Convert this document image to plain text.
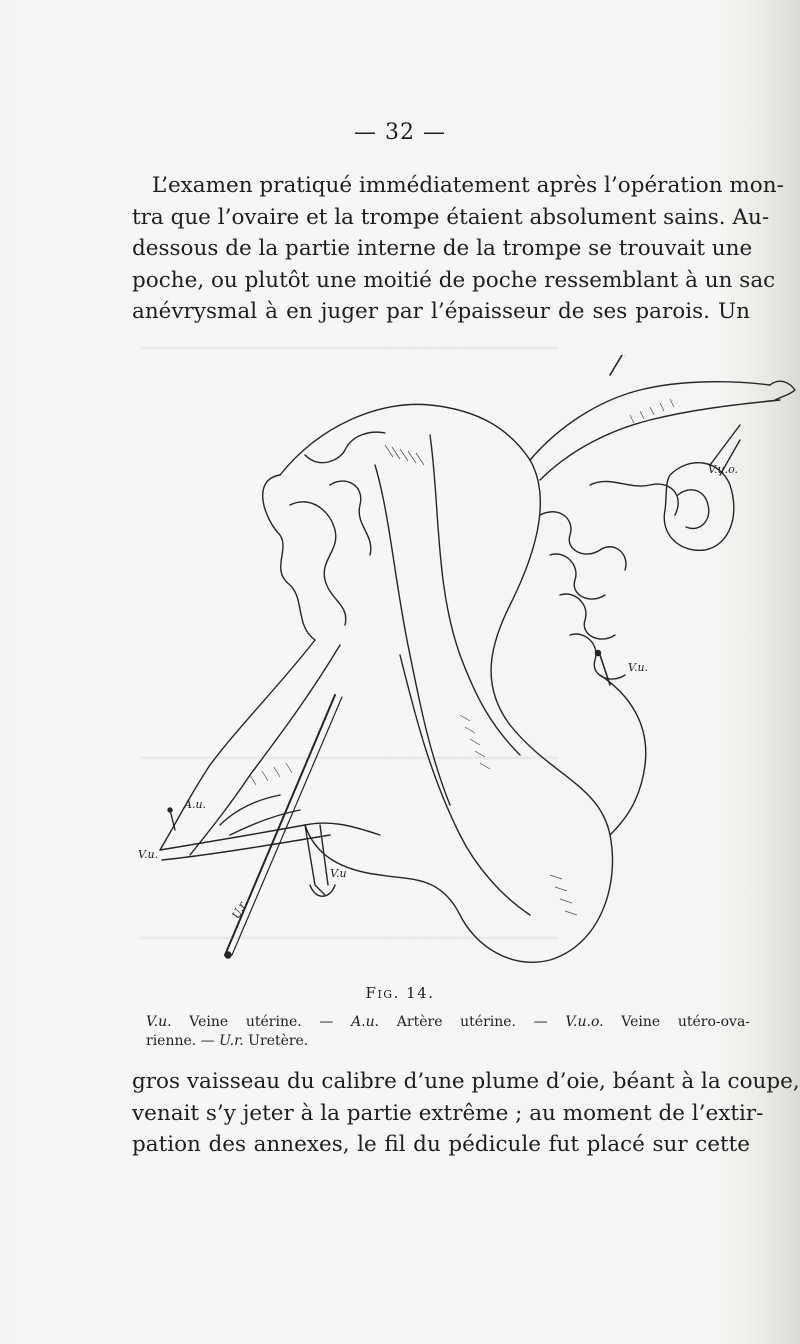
▁▁▁▁▁▁▁▁▁▁▁▁▁▁▁▁▁▁▁▁▁▁▁▁▁▁▁▁▁▁▁▁
▁▁▁▁▁▁▁▁▁▁▁▁▁▁▁▁▁▁▁▁▁▁▁▁▁▁▁▁▁▁▁▁
▁▁▁▁▁▁▁▁▁▁▁▁▁▁▁▁▁▁▁▁▁▁▁▁▁▁▁▁▁▁▁▁
— 32 —

L’examen pratiqué immédiatement après l’opération mon-
tra que l’ovaire et la trompe étaient absolument sains. Au-
dessous de la partie interne de la trompe se trouvait une
poche, ou plutôt une moitié de poche ressemblant à un sac
anévrysmal à en juger par l’épaisseur de ses parois. Un

V.u.o.
V.u.
A.u.
V.u.
V.u
U.r.
Fig. 14.
V.u. Veine utérine. — A.u. Artère utérine. — V.u.o. Veine utéro-ova-
rienne. — U.r. Uretère.

gros vaisseau du calibre d’une plume d’oie, béant à la coupe,
venait s’y jeter à la partie extrême ; au moment de l’extir-
pation des annexes, le fil du pédicule fut placé sur cette
